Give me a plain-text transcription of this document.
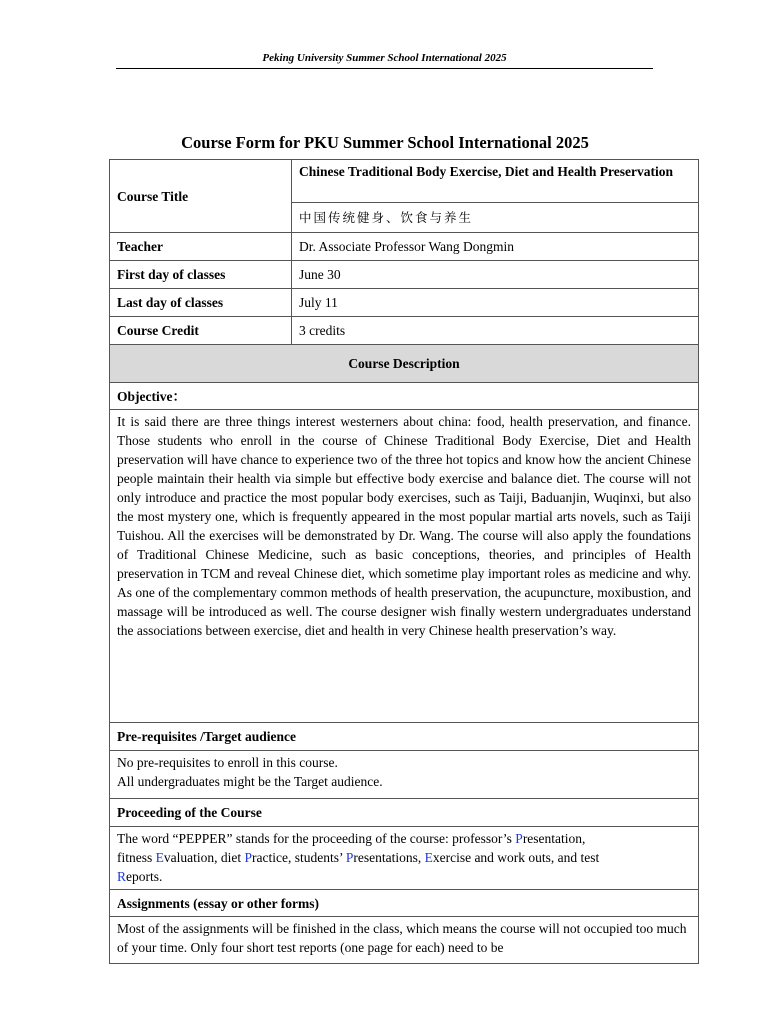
Peking University Summer School International 2025
Course Form for PKU Summer School International 2025
Course Title	Chinese Traditional Body Exercise, Diet and Health Preservation
	中国传统健身、饮食与养生
Teacher	Dr. Associate Professor Wang Dongmin
First day of classes	June 30
Last day of classes	July 11
Course Credit	3 credits
Course Description	
Objective：	
It is said there are three things interest westerners about china: food, health preservation, and finance. Those students who enroll in the course of Chinese Traditional Body Exercise, Diet and Health preservation will have chance to experience two of the three hot topics and know how the ancient Chinese people maintain their health via simple but effective body exercise and balance diet. The course will not only introduce and practice the most popular body exercises, such as Taiji, Baduanjin, Wuqinxi, but also the most mystery one, which is frequently appeared in the most popular martial arts novels, such as Taiji Tuishou. All the exercises will be demonstrated by Dr. Wang. The course will also apply the foundations of Traditional Chinese Medicine, such as basic conceptions, theories, and principles of Health preservation in TCM and reveal Chinese diet, which sometime play important roles as medicine and why. As one of the complementary common methods of health preservation, the acupuncture, moxibustion, and massage will be introduced as well. The course designer wish finally western undergraduates understand the associations between exercise, diet and health in very Chinese health preservation’s way.	
Pre-requisites /Target audience	

No pre-requisites to enroll in this course.
All undergraduates might be the Target audience.	

Proceeding of the Course	
The word “PEPPER” stands for the proceeding of the course: professor’s Presentation,
fitness Evaluation, diet Practice, students’ Presentations, Exercise and work outs, and test
Reports.	
Assignments (essay or other forms)	
Most of the assignments will be finished in the class, which means the course will not occupied too much of your time. Only four short test reports (one page for each) need to be	
